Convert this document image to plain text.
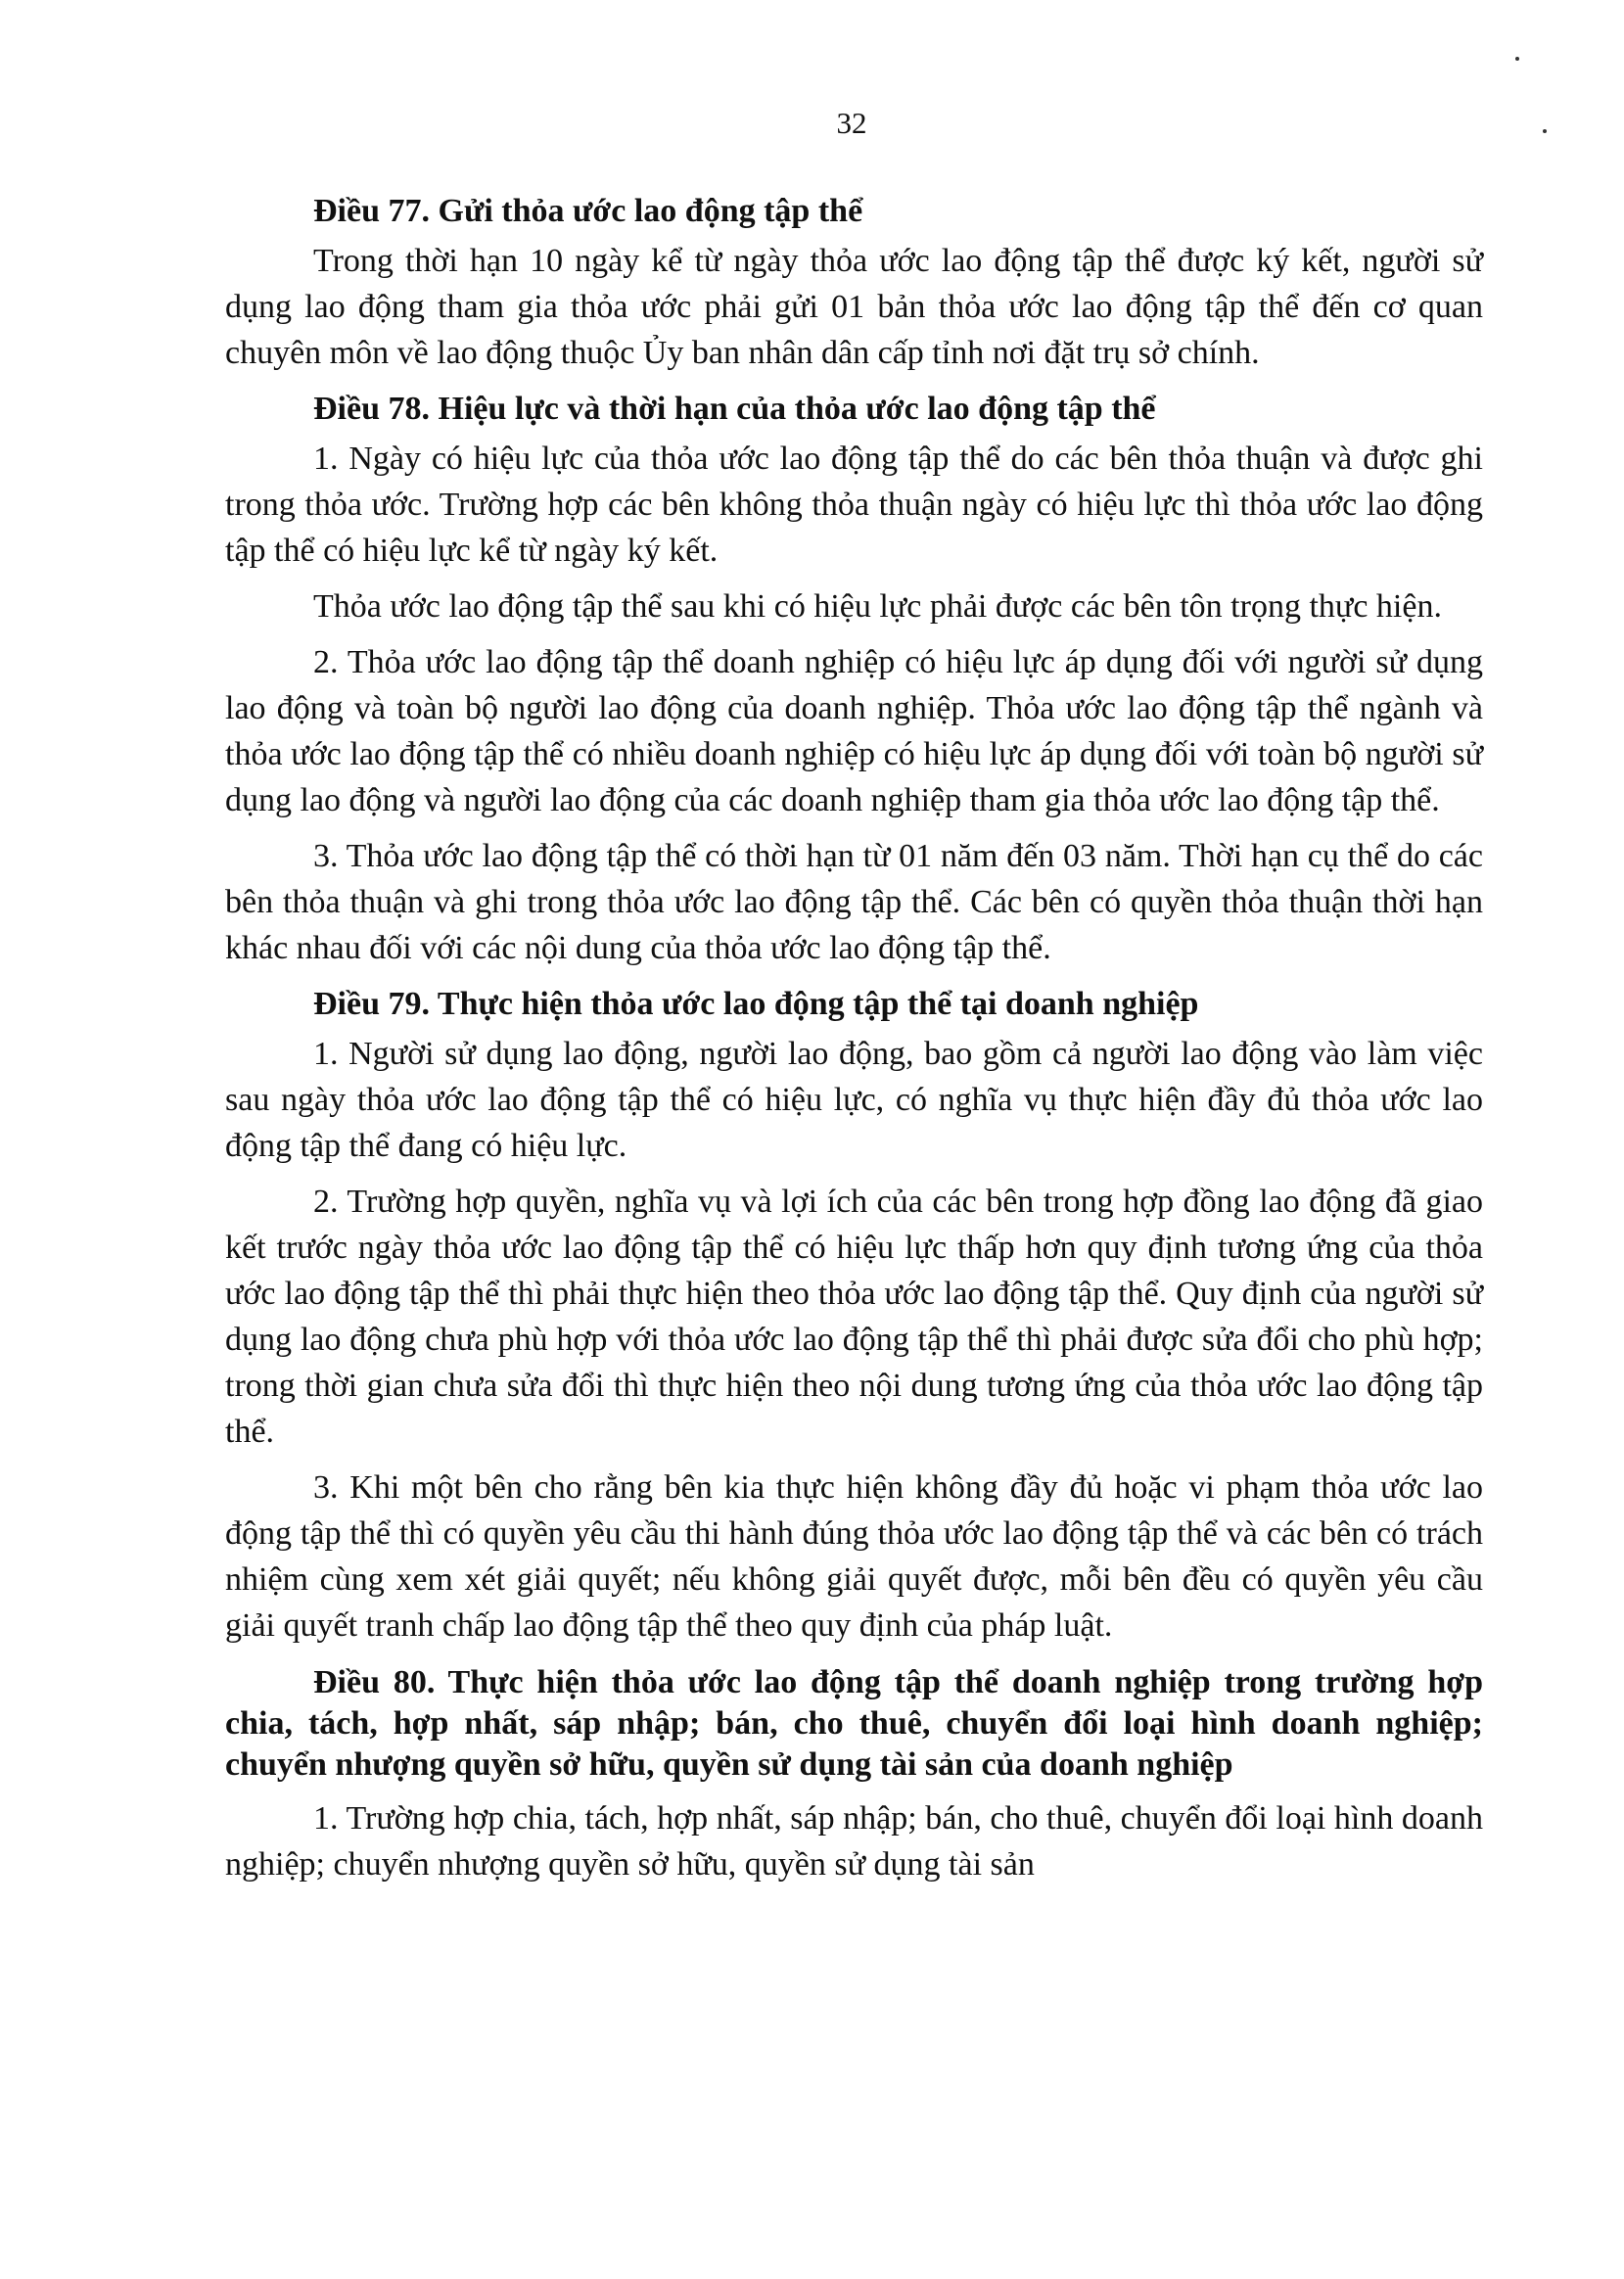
32

Điều 77. Gửi thỏa ước lao động tập thể

Trong thời hạn 10 ngày kể từ ngày thỏa ước lao động tập thể được ký kết, người sử dụng lao động tham gia thỏa ước phải gửi 01 bản thỏa ước lao động tập thể đến cơ quan chuyên môn về lao động thuộc Ủy ban nhân dân cấp tỉnh nơi đặt trụ sở chính.

Điều 78. Hiệu lực và thời hạn của thỏa ước lao động tập thể

1. Ngày có hiệu lực của thỏa ước lao động tập thể do các bên thỏa thuận và được ghi trong thỏa ước. Trường hợp các bên không thỏa thuận ngày có hiệu lực thì thỏa ước lao động tập thể có hiệu lực kể từ ngày ký kết.

Thỏa ước lao động tập thể sau khi có hiệu lực phải được các bên tôn trọng thực hiện.

2. Thỏa ước lao động tập thể doanh nghiệp có hiệu lực áp dụng đối với người sử dụng lao động và toàn bộ người lao động của doanh nghiệp. Thỏa ước lao động tập thể ngành và thỏa ước lao động tập thể có nhiều doanh nghiệp có hiệu lực áp dụng đối với toàn bộ người sử dụng lao động và người lao động của các doanh nghiệp tham gia thỏa ước lao động tập thể.

3. Thỏa ước lao động tập thể có thời hạn từ 01 năm đến 03 năm. Thời hạn cụ thể do các bên thỏa thuận và ghi trong thỏa ước lao động tập thể. Các bên có quyền thỏa thuận thời hạn khác nhau đối với các nội dung của thỏa ước lao động tập thể.

Điều 79. Thực hiện thỏa ước lao động tập thể tại doanh nghiệp

1. Người sử dụng lao động, người lao động, bao gồm cả người lao động vào làm việc sau ngày thỏa ước lao động tập thể có hiệu lực, có nghĩa vụ thực hiện đầy đủ thỏa ước lao động tập thể đang có hiệu lực.

2. Trường hợp quyền, nghĩa vụ và lợi ích của các bên trong hợp đồng lao động đã giao kết trước ngày thỏa ước lao động tập thể có hiệu lực thấp hơn quy định tương ứng của thỏa ước lao động tập thể thì phải thực hiện theo thỏa ước lao động tập thể. Quy định của người sử dụng lao động chưa phù hợp với thỏa ước lao động tập thể thì phải được sửa đổi cho phù hợp; trong thời gian chưa sửa đổi thì thực hiện theo nội dung tương ứng của thỏa ước lao động tập thể.

3. Khi một bên cho rằng bên kia thực hiện không đầy đủ hoặc vi phạm thỏa ước lao động tập thể thì có quyền yêu cầu thi hành đúng thỏa ước lao động tập thể và các bên có trách nhiệm cùng xem xét giải quyết; nếu không giải quyết được, mỗi bên đều có quyền yêu cầu giải quyết tranh chấp lao động tập thể theo quy định của pháp luật.

Điều 80. Thực hiện thỏa ước lao động tập thể doanh nghiệp trong trường hợp chia, tách, hợp nhất, sáp nhập; bán, cho thuê, chuyển đổi loại hình doanh nghiệp; chuyển nhượng quyền sở hữu, quyền sử dụng tài sản của doanh nghiệp

1. Trường hợp chia, tách, hợp nhất, sáp nhập; bán, cho thuê, chuyển đổi loại hình doanh nghiệp; chuyển nhượng quyền sở hữu, quyền sử dụng tài sản
